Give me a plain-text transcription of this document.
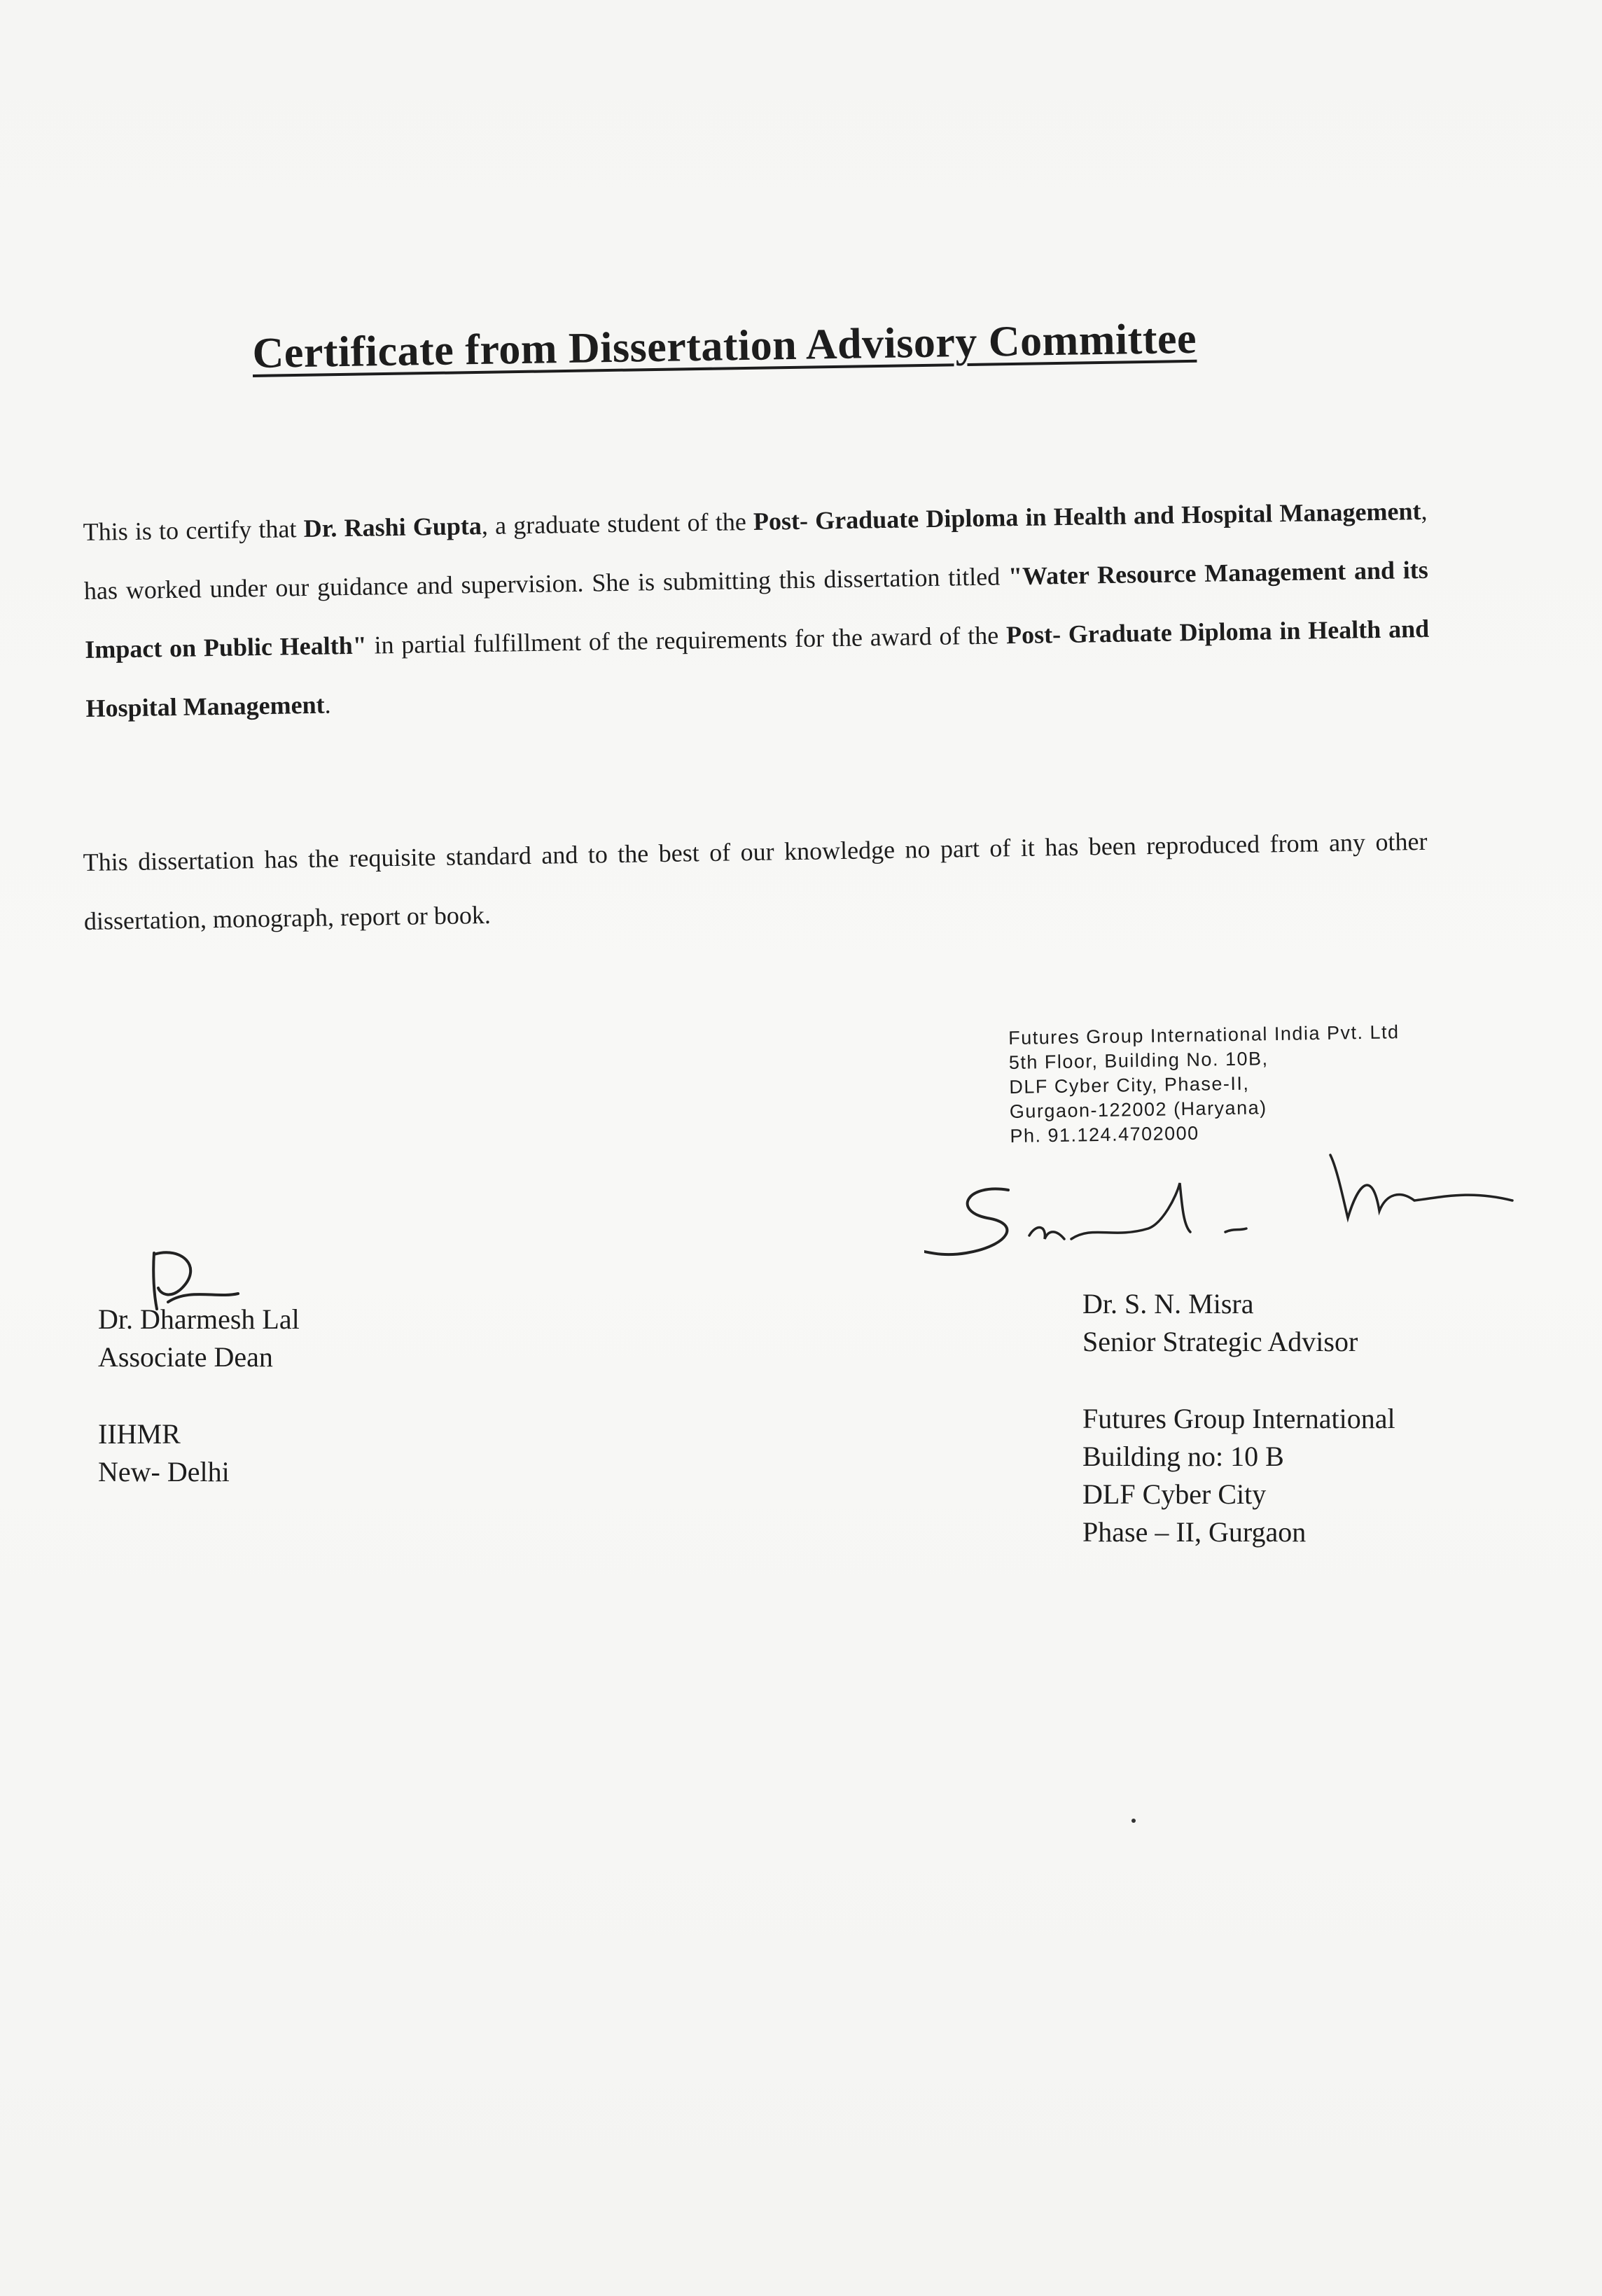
Certificate from Dissertation Advisory Committee
This is to certify that Dr. Rashi Gupta, a graduate student of the Post- Graduate Diploma in Health and Hospital Management, has worked under our guidance and supervision. She is submitting this dissertation titled "Water Resource Management and its Impact on Public Health" in partial fulfillment of the requirements for the award of the Post- Graduate Diploma in Health and Hospital Management.
This dissertation has the requisite standard and to the best of our knowledge no part of it has been reproduced from any other dissertation, monograph, report or book.
Futures Group International India Pvt. Ltd
5th Floor, Building No. 10B,
DLF Cyber City, Phase-II,
Gurgaon-122002 (Haryana)
Ph. 91.124.4702000
Dr. Dharmesh Lal
Associate Dean
IIHMR
New- Delhi
Dr. S. N. Misra
Senior Strategic Advisor
Futures Group International
Building no: 10 B
DLF Cyber City
Phase – II, Gurgaon
